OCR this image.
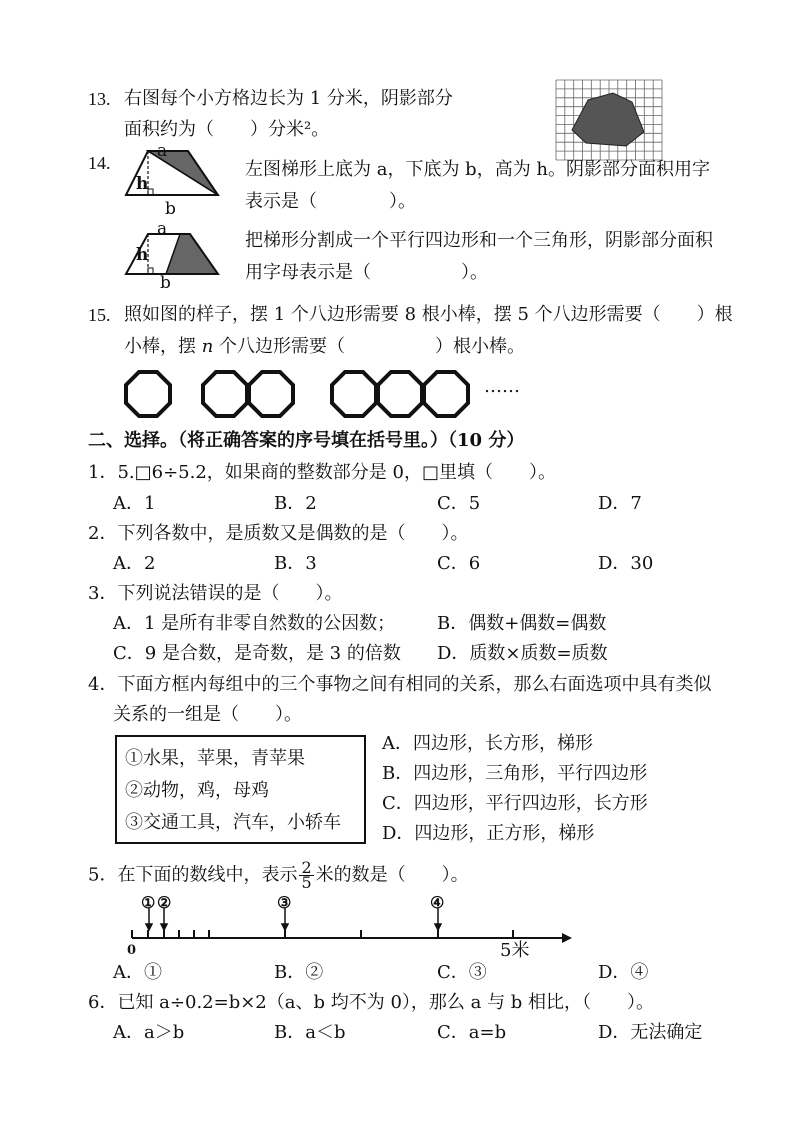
13. 右图每个小方格边长为 1 分米，阴影部分
面积约为（　　）分米²。
14.
a
h
b
a
h
b
左图梯形上底为 a，下底为 b，高为 h。阴影部分面积用字
表示是（　　　　）。
把梯形分割成一个平行四边形和一个三角形，阴影部分面积
用字母表示是（　　　　　）。
15. 照如图的样子，摆 1 个八边形需要 8 根小棒，摆 5 个八边形需要（　　）根
小棒，摆 n 个八边形需要（　　　　　）根小棒。
……
二、选择。（将正确答案的序号填在括号里。）（10 分）
1．5.□6÷5.2，如果商的整数部分是 0，□里填（　　）。
A．1	B．2	C．5	D．7
2．下列各数中，是质数又是偶数的是（　　）。
A．2	B．3	C．6	D．30
3．下列说法错误的是（　　）。
A．1 是所有非零自然数的公因数； B．偶数+偶数=偶数
C．9 是合数，是奇数，是 3 的倍数 D．质数×质数=质数
4．下面方框内每组中的三个事物之间有相同的关系，那么右面选项中具有类似
关系的一组是（　　）。
①水果，苹果，青苹果
②动物，鸡，母鸡
③交通工具，汽车，小轿车
A．四边形，长方形，梯形
B．四边形，三角形，平行四边形
C．四边形，平行四边形，长方形
D．四边形，正方形，梯形
5．在下面的数线中，表示 $\frac{2}{5}$ 米的数是（　　）。
① ②	③	④
0	5米
A．①	B．②	C．③	D．④
6．已知 a÷0.2=b×2（a、b 均不为 0），那么 a 与 b 相比，（　　）。
A．a＞b	B．a＜b	C．a=b	D．无法确定
